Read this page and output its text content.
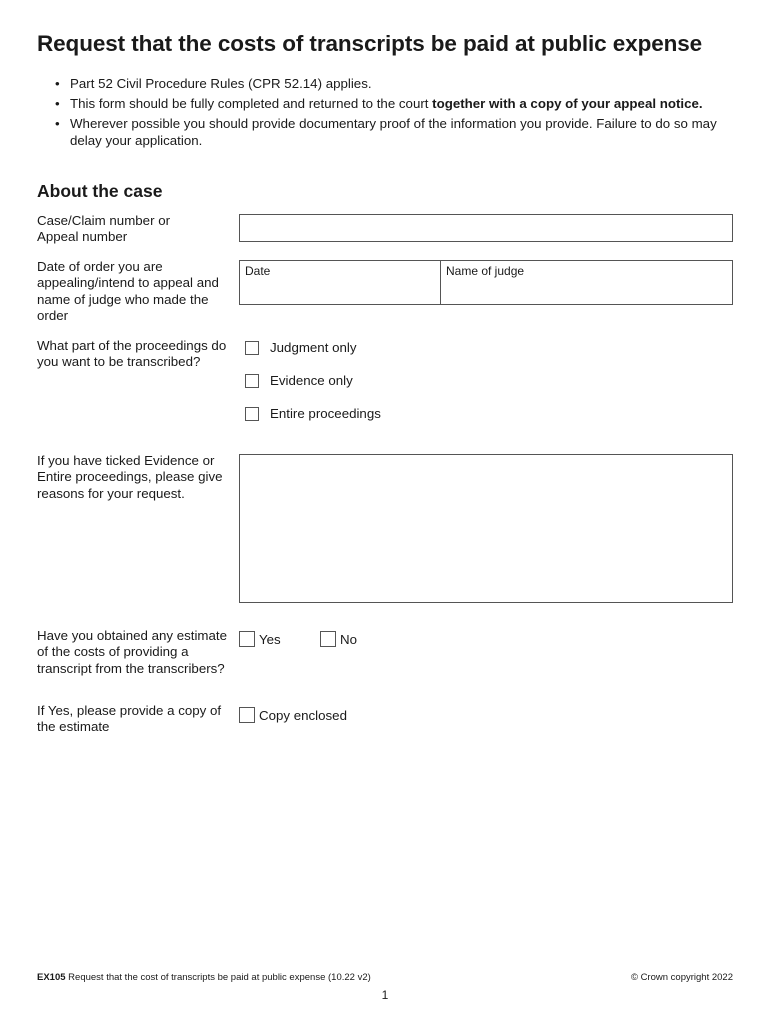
Request that the costs of transcripts be paid at public expense
• Part 52 Civil Procedure Rules (CPR 52.14) applies.
• This form should be fully completed and returned to the court together with a copy of your appeal notice.
• Wherever possible you should provide documentary proof of the information you provide. Failure to do so may delay your application.
About the case
Case/Claim number or Appeal number
Date of order you are appealing/intend to appeal and name of judge who made the order
Date	Name of judge
What part of the proceedings do you want to be transcribed?
Judgment only
Evidence only
Entire proceedings
If you have ticked Evidence or Entire proceedings, please give reasons for your request.
Have you obtained any estimate of the costs of providing a transcript from the transcribers?
Yes	No
If Yes, please provide a copy of the estimate
Copy enclosed
EX105 Request that the cost of transcripts be paid at public expense (10.22 v2)	© Crown copyright 2022
1
